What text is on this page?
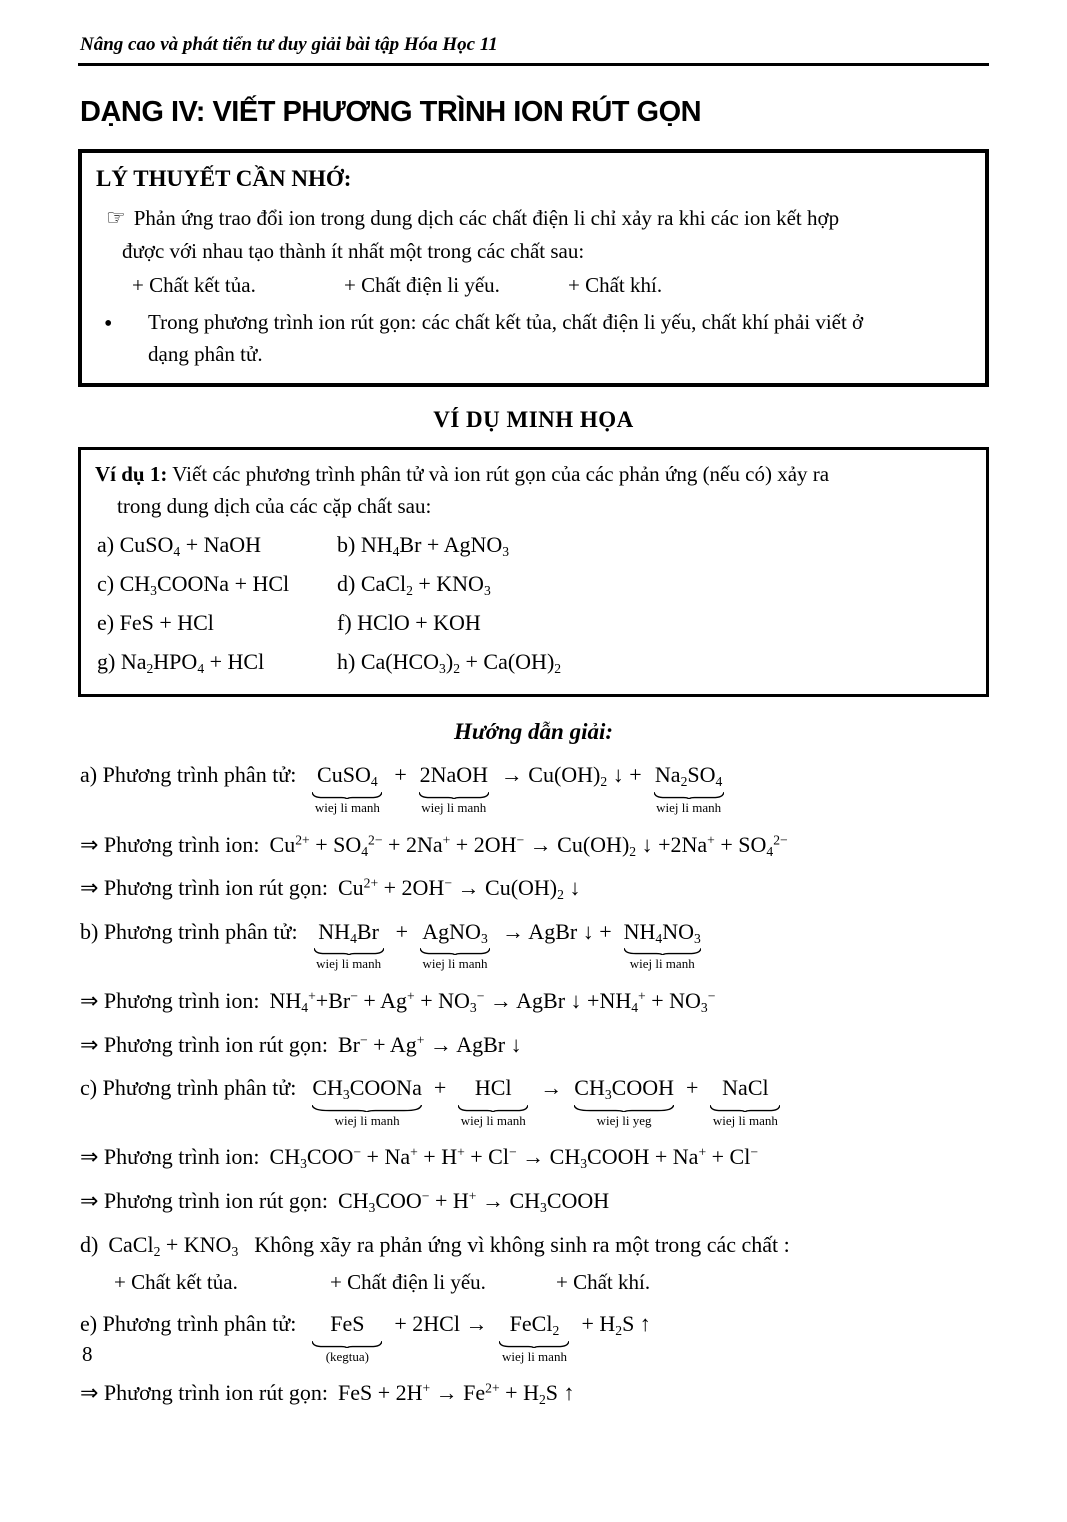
Nâng cao và phát tiển tư duy giải bài tập Hóa Học 11
DẠNG IV: VIẾT PHƯƠNG TRÌNH ION RÚT GỌN
LÝ THUYẾT CẦN NHỚ:
☞ Phản ứng trao đổi ion trong dung dịch các chất điện li chỉ xảy ra khi các ion kết hợp
được với nhau tạo thành ít nhất một trong các chất sau:
+ Chất kết tủa.	+ Chất điện li yếu.	+ Chất khí.
•	Trong phương trình ion rút gọn: các chất kết tủa, chất điện li yếu, chất khí phải viết ở
dạng phân tử.
VÍ DỤ MINH HỌA
Ví dụ 1: Viết các phương trình phân tử và ion rút gọn của các phản ứng (nếu có) xảy ra
trong dung dịch của các cặp chất sau:
a) CuSO$_4$ + NaOH	b) $NH_4Br$ + AgNO$_3$
c) $CH_3COONa$ + HCl	d) CaCl$_2$ + $KNO_3$
e) FeS + HCl	f) HClO + KOH
g) $Na_2HPO_4$ + HCl	h) $Ca(HCO_3)_2 + Ca(OH)_2$
Hướng dẫn giải:
a) Phương trình phân tử: CuSO$_4$
wiej li manh
+ 2NaOH
wiej li manh
→ $Cu(OH)_2$ ↓ + $Na_2SO_4$
wiej li manh
⇒ Phương trình ion: $Cu^{2+} + SO_4^{2-} + 2Na^+ + 2OH^- \to Cu(OH)_2$ ↓ $+2Na^+ + SO_4^{2-}$
⇒ Phương trình ion rút gọn: $Cu^{2+} + 2OH^- \to Cu(OH)_2$ ↓
b) Phương trình phân tử: $NH_4Br$
wiej li manh
+ AgNO$_3$
wiej li manh
→ AgBr ↓ + $NH_4NO_3$
wiej li manh
⇒ Phương trình ion: $NH_4^++Br^- + Ag^+ + NO_3^-$ → AgBr ↓ $+NH_4^+ + NO_3^-$
⇒ Phương trình ion rút gọn: Br− + Ag+ → AgBr ↓
c) Phương trình phân tử: $CH_3COONa$
wiej li manh
+ HCl
wiej li manh
→ $CH_3COOH$
wiej li yeg
+ NaCl
wiej li manh
⇒ Phương trình ion: $CH_3COO^- + Na^+ + H^+ + Cl^-$ → $CH_3COOH + Na^+ + Cl^-$
⇒ Phương trình ion rút gọn: $CH_3COO^- + H^+$ → $CH_3COOH$
d) CaCl$_2$ + $KNO_3$ Không xãy ra phản ứng vì không sinh ra một trong các chất :
+ Chất kết tủa.	+ Chất điện li yếu.	+ Chất khí.
e) Phương trình phân tử: FeS
(kegtua)
+ 2HCl → FeCl$_2$
wiej li manh
+ $H_2S$ ↑
⇒ Phương trình ion rút gọn: FeS + $2H^+ \to Fe^{2+} + H_2S$ ↑
8
